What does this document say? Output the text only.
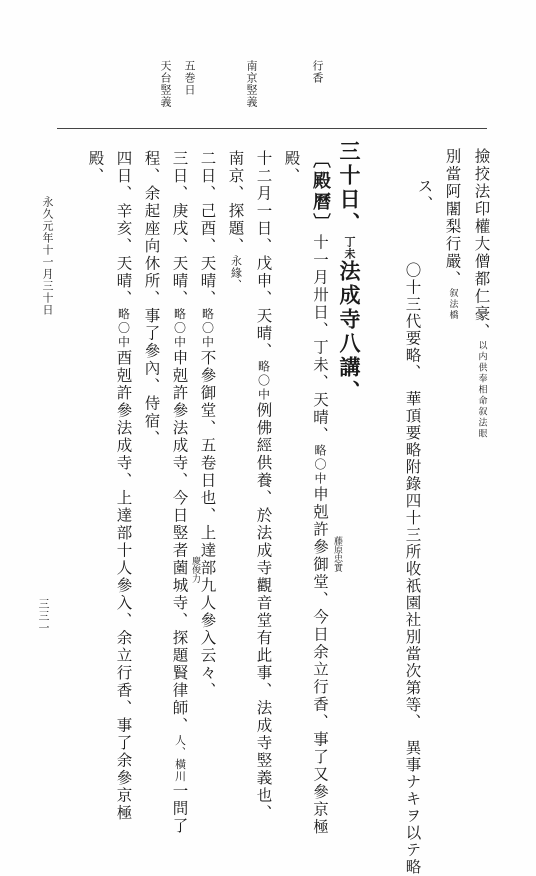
行香
南京竪義
五巻日
天台竪義
撿挍法印權大僧都仁豪、以内供奉相命叙法眼
別當阿闍梨行嚴、叙法橋
ス、
〇十三代要略、　華頂要略附錄四十三所收祇園社別當次第等、　異事ナキヲ以テ略
三十日、丁未法成寺八講、
〔殿曆〕十一月卅日、丁未、天晴、略〇中申剋許參御堂、今日余立行香、事了又參京極 藤原忠實
殿、
十二月一日、戊申、天晴、略〇中例佛經供養、於法成寺觀音堂有此事、法成寺竪義也、
南京、探題、永緣、
二日、己酉、天晴、略〇中不參御堂、五卷日也、上達部九人參入云々、
三日、庚戌、天晴、略〇中申剋許參法成寺、今日竪者薗城寺、探題賢律師、人、橫川一問了
慶俊力
程、余起座向休所、事了參內、侍宿、
四日、辛亥、天晴、略〇中酉剋許參法成寺、上達部十人參入、余立行香、事了余參京極
殿、
永久元年十一月三十日
三三一
